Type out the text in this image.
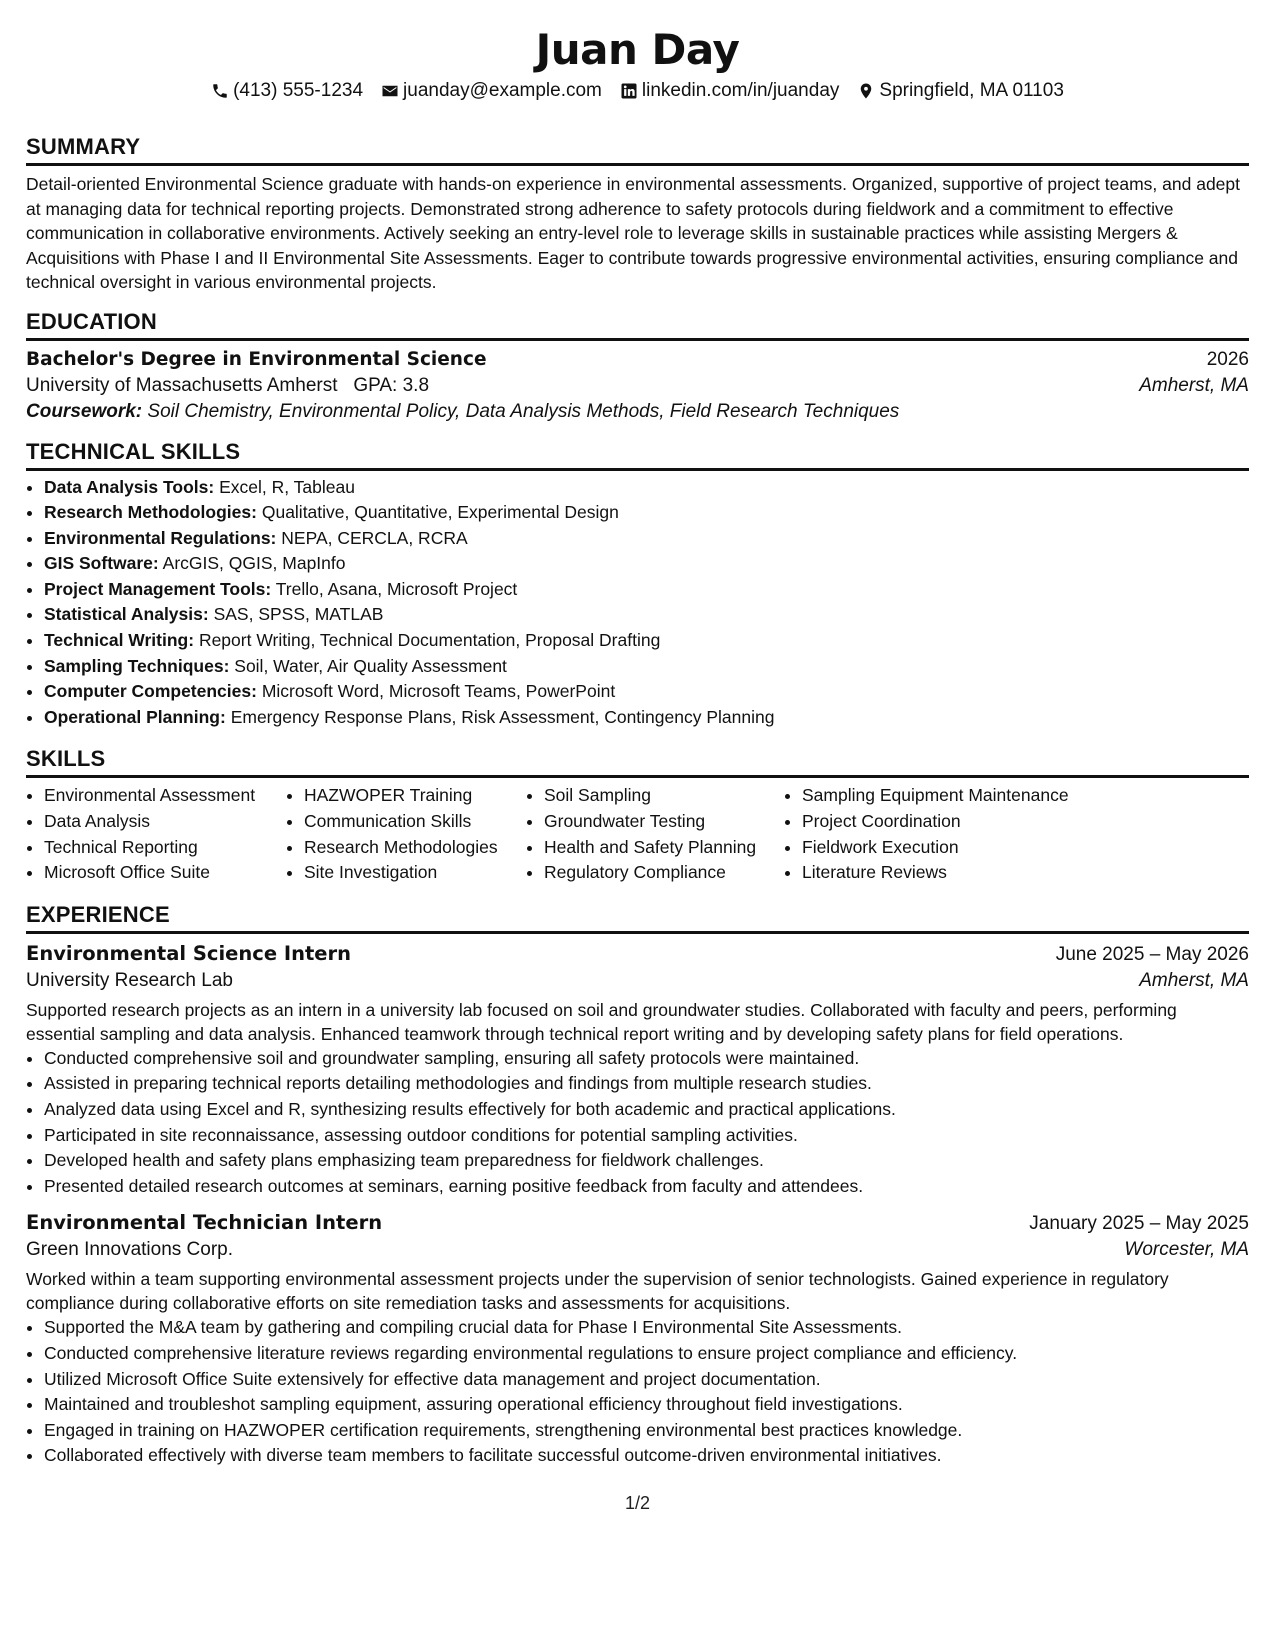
Juan Day
(413) 555-1234 juanday@example.com linkedin.com/in/juanday Springfield, MA 01103
SUMMARY
Detail-oriented Environmental Science graduate with hands-on experience in environmental assessments. Organized, supportive of project teams, and adept at managing data for technical reporting projects. Demonstrated strong adherence to safety protocols during fieldwork and a commitment to effective communication in collaborative environments. Actively seeking an entry-level role to leverage skills in sustainable practices while assisting Mergers & Acquisitions with Phase I and II Environmental Site Assessments. Eager to contribute towards progressive environmental activities, ensuring compliance and technical oversight in various environmental projects.
EDUCATION
Bachelor's Degree in Environmental Science	2026
University of Massachusetts Amherst GPA: 3.8	Amherst, MA
Coursework: Soil Chemistry, Environmental Policy, Data Analysis Methods, Field Research Techniques
TECHNICAL SKILLS
• Data Analysis Tools: Excel, R, Tableau
• Research Methodologies: Qualitative, Quantitative, Experimental Design
• Environmental Regulations: NEPA, CERCLA, RCRA
• GIS Software: ArcGIS, QGIS, MapInfo
• Project Management Tools: Trello, Asana, Microsoft Project
• Statistical Analysis: SAS, SPSS, MATLAB
• Technical Writing: Report Writing, Technical Documentation, Proposal Drafting
• Sampling Techniques: Soil, Water, Air Quality Assessment
• Computer Competencies: Microsoft Word, Microsoft Teams, PowerPoint
• Operational Planning: Emergency Response Plans, Risk Assessment, Contingency Planning
SKILLS
• Environmental Assessment
• Data Analysis
• Technical Reporting
• Microsoft Office Suite
• HAZWOPER Training
• Communication Skills
• Research Methodologies
• Site Investigation
• Soil Sampling
• Groundwater Testing
• Health and Safety Planning
• Regulatory Compliance
• Sampling Equipment Maintenance
• Project Coordination
• Fieldwork Execution
• Literature Reviews
EXPERIENCE
Environmental Science Intern	June 2025 – May 2026
University Research Lab	Amherst, MA
Supported research projects as an intern in a university lab focused on soil and groundwater studies. Collaborated with faculty and peers, performing essential sampling and data analysis. Enhanced teamwork through technical report writing and by developing safety plans for field operations.
• Conducted comprehensive soil and groundwater sampling, ensuring all safety protocols were maintained.
• Assisted in preparing technical reports detailing methodologies and findings from multiple research studies.
• Analyzed data using Excel and R, synthesizing results effectively for both academic and practical applications.
• Participated in site reconnaissance, assessing outdoor conditions for potential sampling activities.
• Developed health and safety plans emphasizing team preparedness for fieldwork challenges.
• Presented detailed research outcomes at seminars, earning positive feedback from faculty and attendees.
Environmental Technician Intern	January 2025 – May 2025
Green Innovations Corp.	Worcester, MA
Worked within a team supporting environmental assessment projects under the supervision of senior technologists. Gained experience in regulatory compliance during collaborative efforts on site remediation tasks and assessments for acquisitions.
• Supported the M&A team by gathering and compiling crucial data for Phase I Environmental Site Assessments.
• Conducted comprehensive literature reviews regarding environmental regulations to ensure project compliance and efficiency.
• Utilized Microsoft Office Suite extensively for effective data management and project documentation.
• Maintained and troubleshot sampling equipment, assuring operational efficiency throughout field investigations.
• Engaged in training on HAZWOPER certification requirements, strengthening environmental best practices knowledge.
• Collaborated effectively with diverse team members to facilitate successful outcome-driven environmental initiatives.
1/2
